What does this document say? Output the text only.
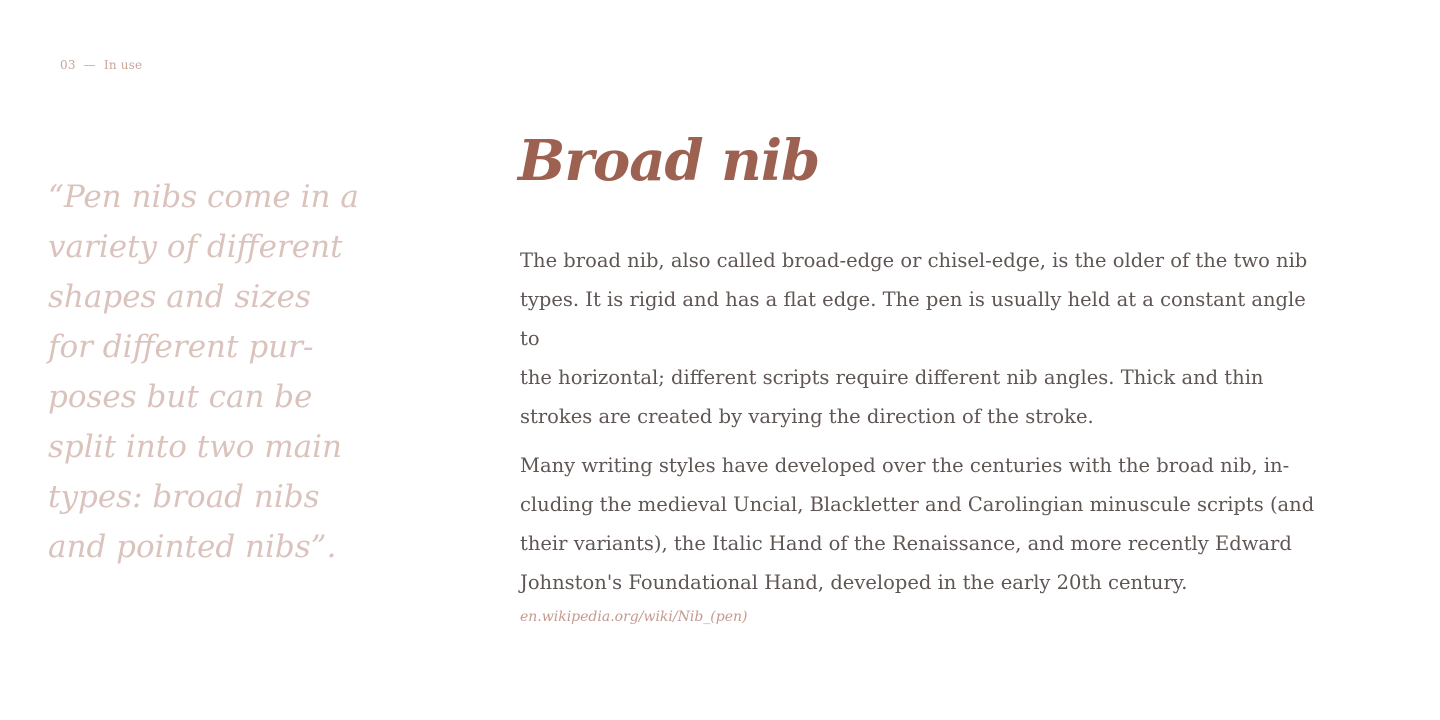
03 — In use

“Pen nibs come in a
variety of different
shapes and sizes
for different pur-
poses but can be
split into two main
types: broad nibs
and pointed nibs”.

Broad nib

The broad nib, also called broad-edge or chisel-edge, is the older of the two nib
types. It is rigid and has a flat edge. The pen is usually held at a constant angle to
the horizontal; different scripts require different nib angles. Thick and thin
strokes are created by varying the direction of the stroke.

Many writing styles have developed over the centuries with the broad nib, in-
cluding the medieval Uncial, Blackletter and Carolingian minuscule scripts (and
their variants), the Italic Hand of the Renaissance, and more recently Edward
Johnston's Foundational Hand, developed in the early 20th century.

en.wikipedia.org/wiki/Nib_(pen)
